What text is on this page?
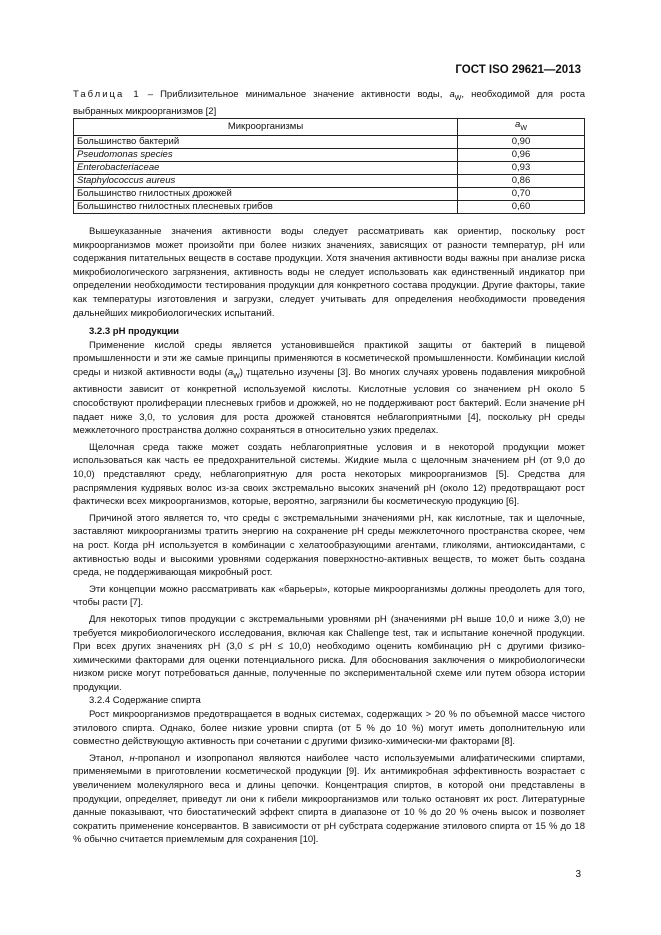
ГОСТ ISO 29621—2013
Таблица 1 – Приблизительное минимальное значение активности воды, $a_W$, необходимой для роста выбранных микроорганизмов [2]
Микроорганизмы	$a_W$
Большинство бактерий	0,90
Pseudomonas species	0,96
Enterobacteriaceae	0,93
Staphylococcus aureus	0,86
Большинство гнилостных дрожжей	0,70
Большинство гнилостных плесневых грибов	0,60

Вышеуказанные значения активности воды следует рассматривать как ориентир, поскольку рост микроорганизмов может произойти при более низких значениях, зависящих от разности температур, рН или содержания питательных веществ в составе продукции. Хотя значения активности воды важны при анализе риска микробиологического загрязнения, активность воды не следует использовать как единственный индикатор при определении необходимости тестирования продукции для конкретного состава продукции. Другие факторы, такие как температуры изготовления и загрузки, следует учитывать для определения необходимости проведения дальнейших микробиологических испытаний.

3.2.3 рН продукции

Применение кислой среды является установившейся практикой защиты от бактерий в пищевой промышленности и эти же самые принципы применяются в косметической промышленности. Комбинации кислой среды и низкой активности воды $(a_W)$ тщательно изучены [3]. Во многих случаях уровень подавления микробной активности зависит от конкретной используемой кислоты. Кислотные условия со значением рН около 5 способствуют пролиферации плесневых грибов и дрожжей, но не поддерживают рост бактерий. Если значение рН падает ниже 3,0, то условия для роста дрожжей становятся неблагоприятными [4], поскольку рН среды межклеточного пространства должно сохраняться в относительно узких пределах.

Щелочная среда также может создать неблагоприятные условия и в некоторой продукции может использоваться как часть ее предохранительной системы. Жидкие мыла с щелочным значением рН (от 9,0 до 10,0) представляют среду, неблагоприятную для роста некоторых микроорганизмов [5]. Средства для распрямления кудрявых волос из-за своих экстремально высоких значений рН (около 12) предотвращают рост фактически всех микроорганизмов, которые, вероятно, загрязнили бы косметическую продукцию [6].

Причиной этого является то, что среды с экстремальными значениями рН, как кислотные, так и щелочные, заставляют микроорганизмы тратить энергию на сохранение рН среды межклеточного пространства скорее, чем на рост. Когда рН используется в комбинации с хелатообразующими агентами, гликолями, антиоксидантами, с активностью воды и высокими уровнями содержания поверхностно-активных веществ, то может быть создана среда, не поддерживающая микробный рост.

Эти концепции можно рассматривать как «барьеры», которые микроорганизмы должны преодолеть для того, чтобы расти [7].

Для некоторых типов продукции с экстремальными уровнями рН (значениями рН выше 10,0 и ниже 3,0) не требуется микробиологического исследования, включая как Challenge test, так и испытание конечной продукции. При всех других значениях рН (3,0 ≤ рН ≤ 10,0) необходимо оценить комбинацию рН с другими физико-химическими факторами для оценки потенциального риска. Для обоснования заключения о микробиологически низком риске могут потребоваться данные, полученные по экспериментальной схеме или путем обзора истории продукции.

3.2.4 Содержание спирта

Рост микроорганизмов предотвращается в водных системах, содержащих > 20 % по объемной массе чистого этилового спирта. Однако, более низкие уровни спирта (от 5 % до 10 %) могут иметь дополнительную или совместно действующую активность при сочетании с другими физико-химически-ми факторами [8].

Этанол, н-пропанол и изопропанол являются наиболее часто используемыми алифатическими спиртами, применяемыми в приготовлении косметической продукции [9]. Их антимикробная эффективность возрастает с увеличением молекулярного веса и длины цепочки. Концентрация спиртов, в которой они представлены в продукции, определяет, приведут ли они к гибели микроорганизмов или только остановят их рост. Литературные данные показывают, что биостатический эффект спирта в диапазоне от 10 % до 20 % очень высок и позволяет сократить применение консервантов. В зависимости от рН субстрата содержание этилового спирта от 15 % до 18 % обычно считается приемлемым для сохранения [10].

3
